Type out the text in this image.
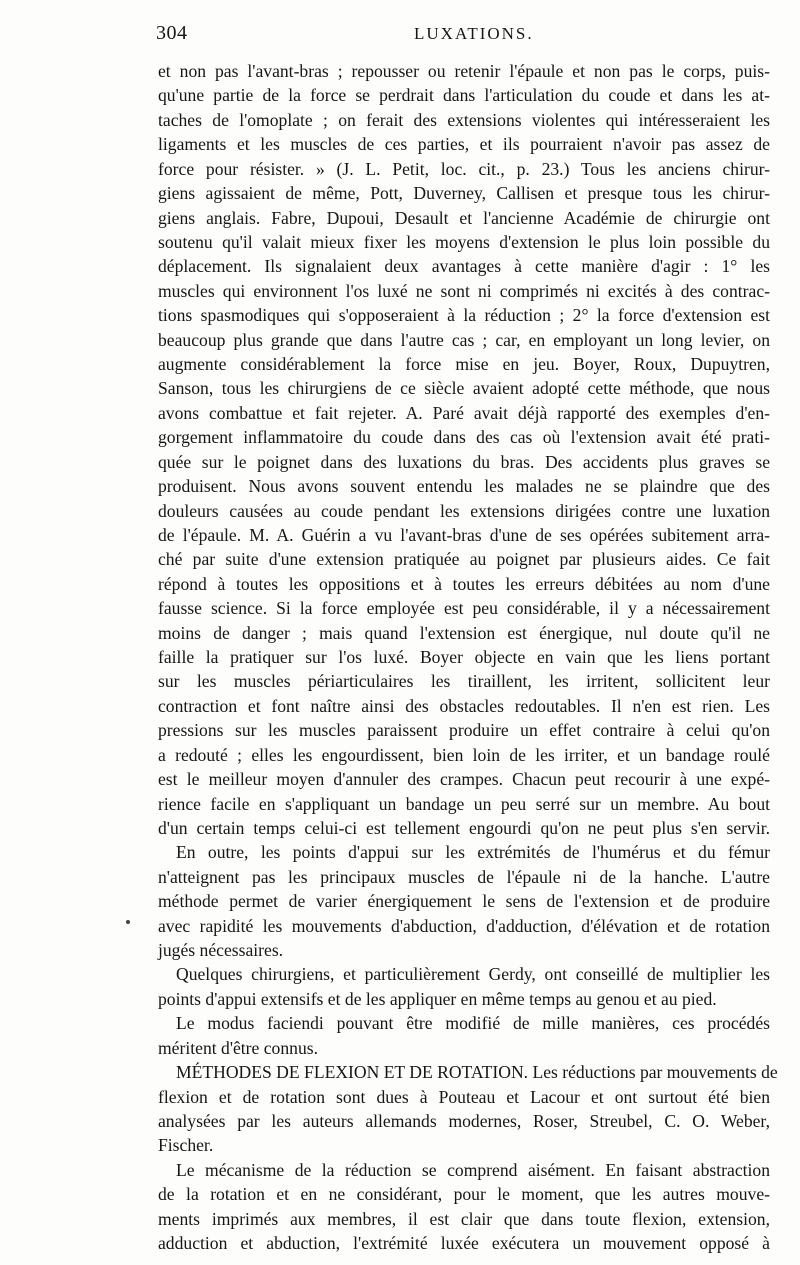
304	LUXATIONS.
et non pas l'avant-bras ; repousser ou retenir l'épaule et non pas le corps, puis-
qu'une partie de la force se perdrait dans l'articulation du coude et dans les at-
taches de l'omoplate ; on ferait des extensions violentes qui intéresseraient les
ligaments et les muscles de ces parties, et ils pourraient n'avoir pas assez de
force pour résister. » (J. L. Petit, loc. cit., p. 23.) Tous les anciens chirur-
giens agissaient de même, Pott, Duverney, Callisen et presque tous les chirur-
giens anglais. Fabre, Dupoui, Desault et l'ancienne Académie de chirurgie ont
soutenu qu'il valait mieux fixer les moyens d'extension le plus loin possible du
déplacement. Ils signalaient deux avantages à cette manière d'agir : 1° les
muscles qui environnent l'os luxé ne sont ni comprimés ni excités à des contrac-
tions spasmodiques qui s'opposeraient à la réduction ; 2° la force d'extension est
beaucoup plus grande que dans l'autre cas ; car, en employant un long levier, on
augmente considérablement la force mise en jeu. Boyer, Roux, Dupuytren,
Sanson, tous les chirurgiens de ce siècle avaient adopté cette méthode, que nous
avons combattue et fait rejeter. A. Paré avait déjà rapporté des exemples d'en-
gorgement inflammatoire du coude dans des cas où l'extension avait été prati-
quée sur le poignet dans des luxations du bras. Des accidents plus graves se
produisent. Nous avons souvent entendu les malades ne se plaindre que des
douleurs causées au coude pendant les extensions dirigées contre une luxation
de l'épaule. M. A. Guérin a vu l'avant-bras d'une de ses opérées subitement arra-
ché par suite d'une extension pratiquée au poignet par plusieurs aides. Ce fait
répond à toutes les oppositions et à toutes les erreurs débitées au nom d'une
fausse science. Si la force employée est peu considérable, il y a nécessairement
moins de danger ; mais quand l'extension est énergique, nul doute qu'il ne
faille la pratiquer sur l'os luxé. Boyer objecte en vain que les liens portant
sur les muscles périarticulaires les tiraillent, les irritent, sollicitent leur
contraction et font naître ainsi des obstacles redoutables. Il n'en est rien. Les
pressions sur les muscles paraissent produire un effet contraire à celui qu'on
a redouté ; elles les engourdissent, bien loin de les irriter, et un bandage roulé
est le meilleur moyen d'annuler des crampes. Chacun peut recourir à une expé-
rience facile en s'appliquant un bandage un peu serré sur un membre. Au bout
d'un certain temps celui-ci est tellement engourdi qu'on ne peut plus s'en servir.
En outre, les points d'appui sur les extrémités de l'humérus et du fémur
n'atteignent pas les principaux muscles de l'épaule ni de la hanche. L'autre
méthode permet de varier énergiquement le sens de l'extension et de produire
avec rapidité les mouvements d'abduction, d'adduction, d'élévation et de rotation
jugés nécessaires.
Quelques chirurgiens, et particulièrement Gerdy, ont conseillé de multiplier les
points d'appui extensifs et de les appliquer en même temps au genou et au pied.
Le modus faciendi pouvant être modifié de mille manières, ces procédés
méritent d'être connus.
MÉTHODES DE FLEXION ET DE ROTATION. Les réductions par mouvements de
flexion et de rotation sont dues à Pouteau et Lacour et ont surtout été bien
analysées par les auteurs allemands modernes, Roser, Streubel, C. O. Weber,
Fischer.
Le mécanisme de la réduction se comprend aisément. En faisant abstraction
de la rotation et en ne considérant, pour le moment, que les autres mouve-
ments imprimés aux membres, il est clair que dans toute flexion, extension,
adduction et abduction, l'extrémité luxée exécutera un mouvement opposé à
